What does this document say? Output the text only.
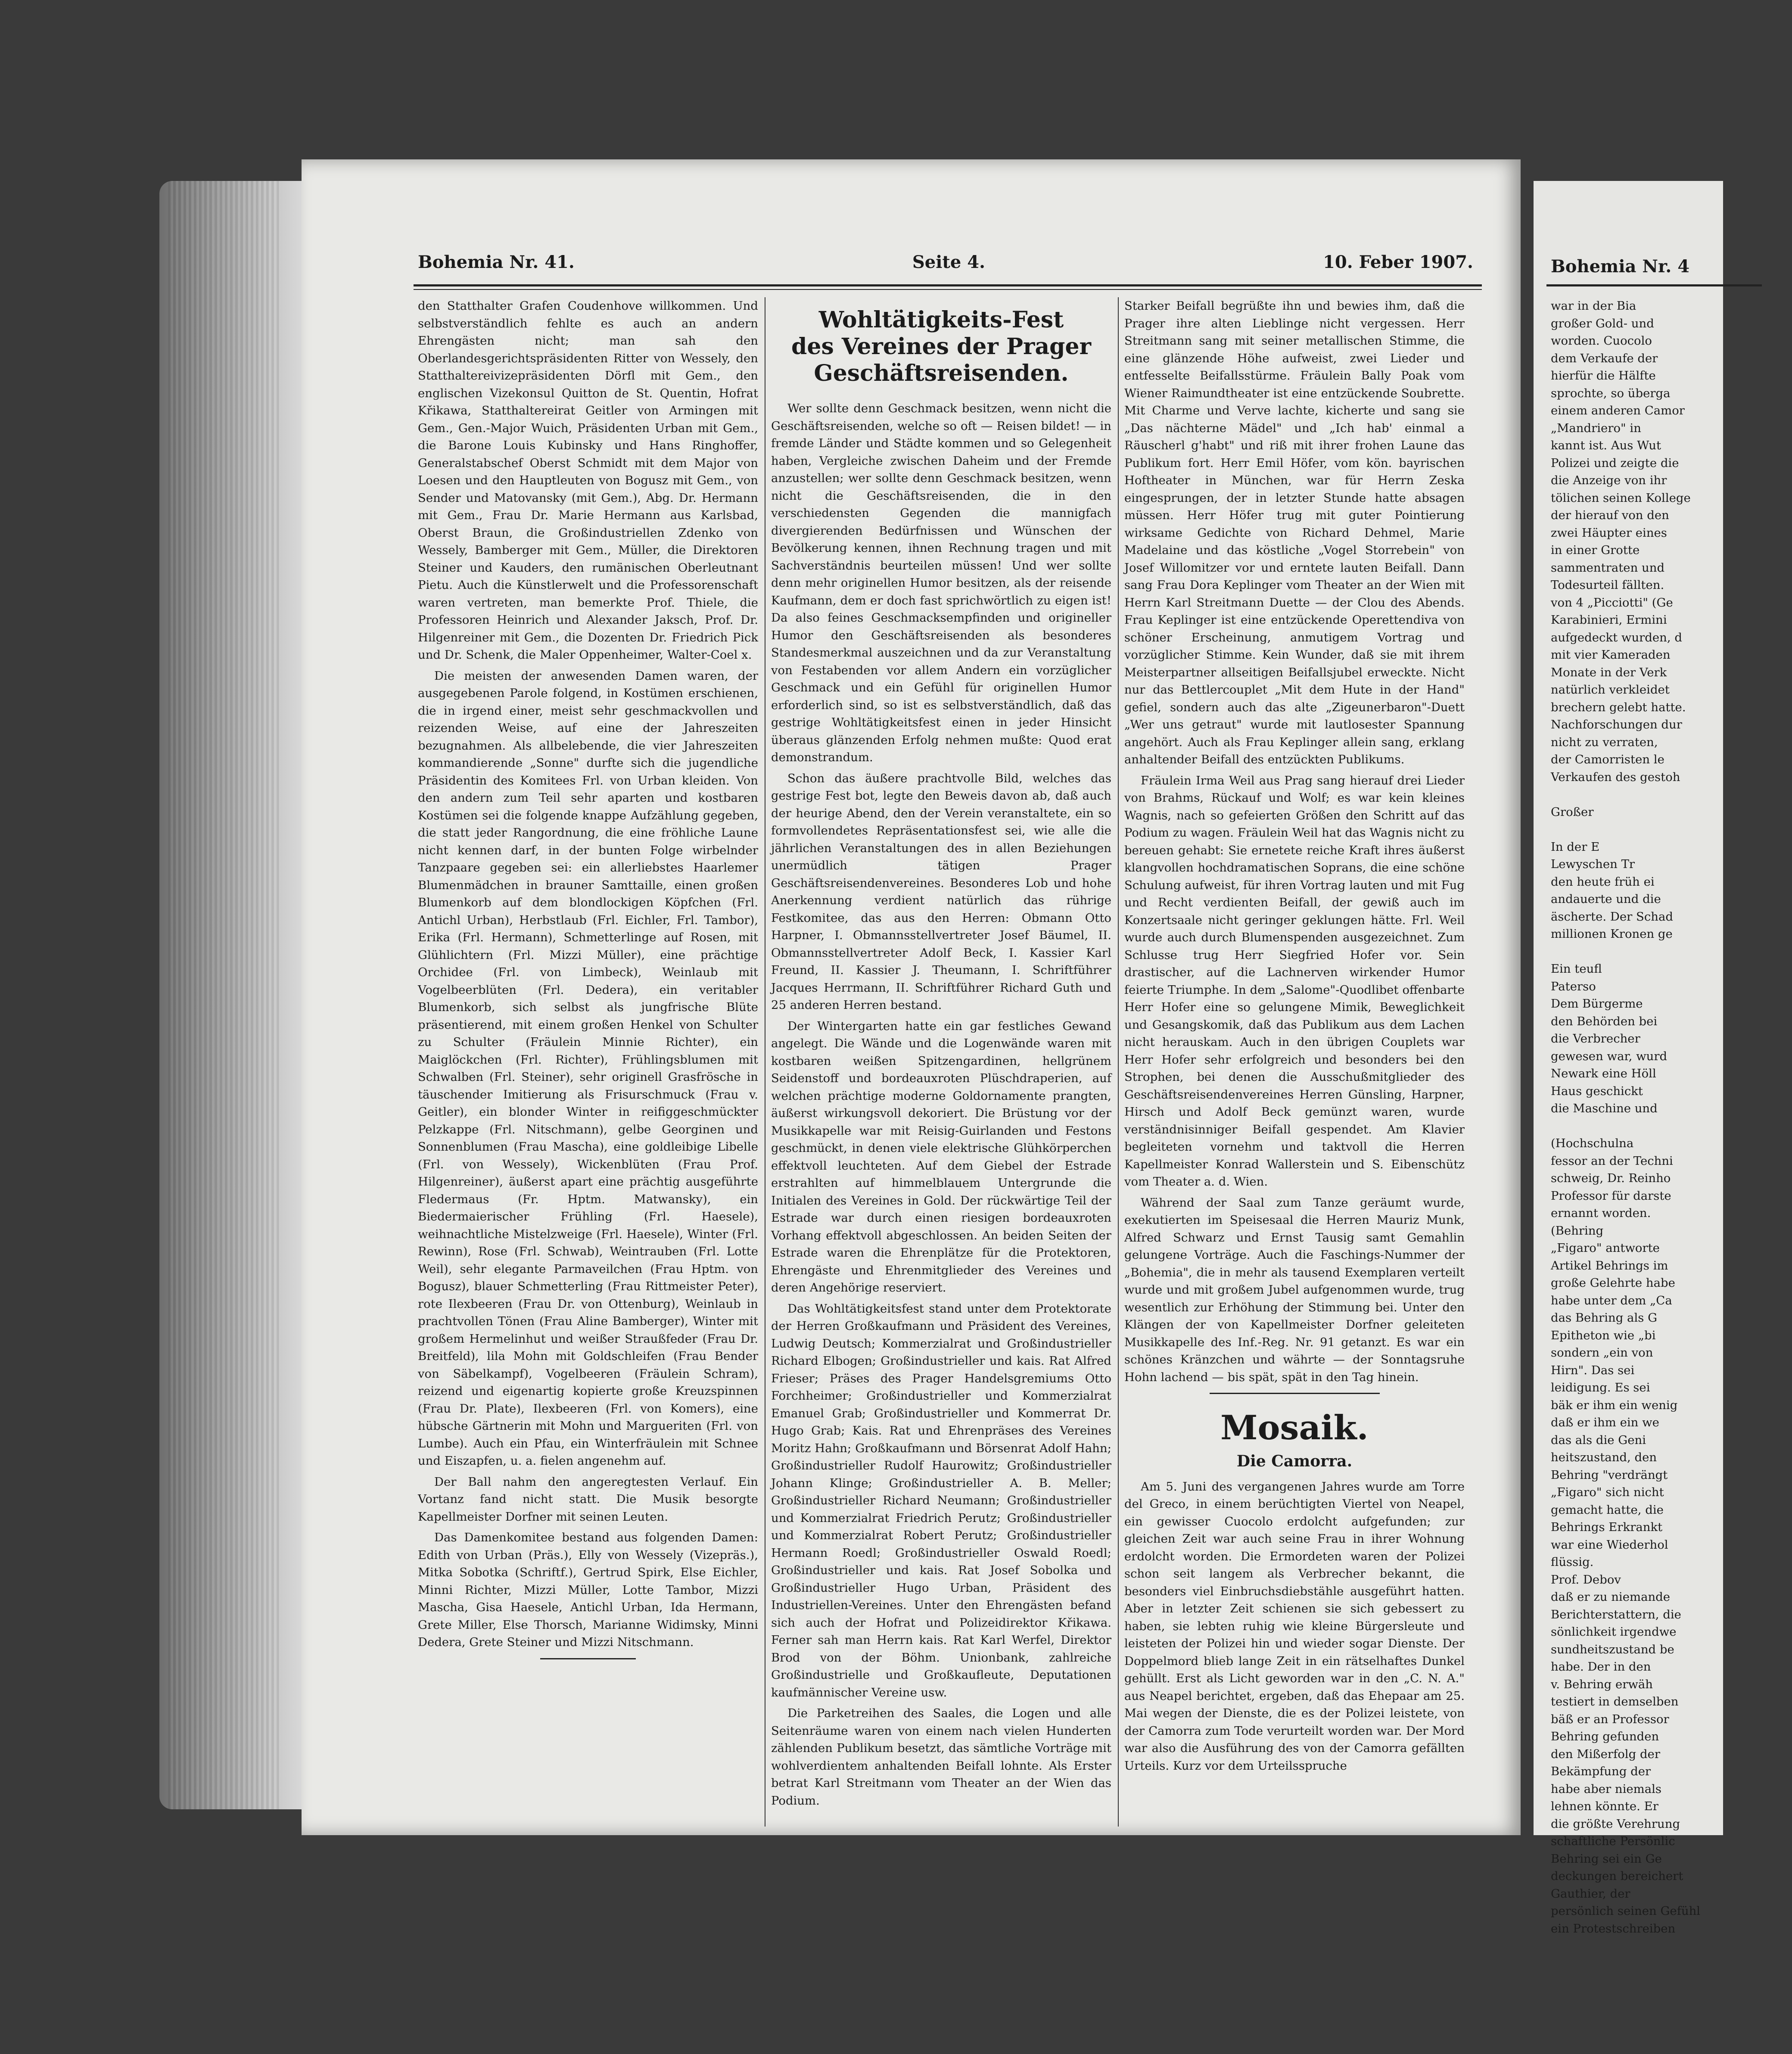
Bohemia Nr. 41.	Seite 4.	10. Feber 1907.

den Statthalter Grafen Coudenhove willkommen. Und selbstverständlich fehlte es auch an andern Ehrengästen nicht; man sah den Oberlandesgerichtspräsidenten Ritter von Wessely, den Statthaltereivizepräsidenten Dörfl mit Gem., den englischen Vizekonsul Quitton de St. Quentin, Hofrat Křikawa, Statthaltereirat Geitler von Armingen mit Gem., Gen.-Major Wuich, Präsidenten Urban mit Gem., die Barone Louis Kubinsky und Hans Ringhoffer, Generalstabschef Oberst Schmidt mit dem Major von Loesen und den Hauptleuten von Bogusz mit Gem., von Sender und Matovansky (mit Gem.), Abg. Dr. Hermann mit Gem., Frau Dr. Marie Hermann aus Karlsbad, Oberst Braun, die Großindustriellen Zdenko von Wessely, Bamberger mit Gem., Müller, die Direktoren Steiner und Kauders, den rumänischen Oberleutnant Pietu. Auch die Künstlerwelt und die Professorenschaft waren vertreten, man bemerkte Prof. Thiele, die Professoren Heinrich und Alexander Jaksch, Prof. Dr. Hilgenreiner mit Gem., die Dozenten Dr. Friedrich Pick und Dr. Schenk, die Maler Oppenheimer, Walter-Coel x.

Die meisten der anwesenden Damen waren, der ausgegebenen Parole folgend, in Kostümen erschienen, die in irgend einer, meist sehr geschmackvollen und reizenden Weise, auf eine der Jahreszeiten bezugnahmen. Als allbelebende, die vier Jahreszeiten kommandierende „Sonne" durfte sich die jugendliche Präsidentin des Komitees Frl. von Urban kleiden. Von den andern zum Teil sehr aparten und kostbaren Kostümen sei die folgende knappe Aufzählung gegeben, die statt jeder Rangordnung, die eine fröhliche Laune nicht kennen darf, in der bunten Folge wirbelnder Tanzpaare gegeben sei: ein allerliebstes Haarlemer Blumenmädchen in brauner Samttaille, einen großen Blumenkorb auf dem blondlockigen Köpfchen (Frl. Antichl Urban), Herbstlaub (Frl. Eichler, Frl. Tambor), Erika (Frl. Hermann), Schmetterlinge auf Rosen, mit Glühlichtern (Frl. Mizzi Müller), eine prächtige Orchidee (Frl. von Limbeck), Weinlaub mit Vogelbeerblüten (Frl. Dedera), ein veritabler Blumenkorb, sich selbst als jungfrische Blüte präsentierend, mit einem großen Henkel von Schulter zu Schulter (Fräulein Minnie Richter), ein Maiglöckchen (Frl. Richter), Frühlingsblumen mit Schwalben (Frl. Steiner), sehr originell Grasfrösche in täuschender Imitierung als Frisurschmuck (Frau v. Geitler), ein blonder Winter in reifiggeschmückter Pelzkappe (Frl. Nitschmann), gelbe Georginen und Sonnenblumen (Frau Mascha), eine goldleibige Libelle (Frl. von Wessely), Wickenblüten (Frau Prof. Hilgenreiner), äußerst apart eine prächtig ausgeführte Fledermaus (Fr. Hptm. Matwansky), ein Biedermaierischer Frühling (Frl. Haesele), weihnachtliche Mistelzweige (Frl. Haesele), Winter (Frl. Rewinn), Rose (Frl. Schwab), Weintrauben (Frl. Lotte Weil), sehr elegante Parmaveilchen (Frau Hptm. von Bogusz), blauer Schmetterling (Frau Rittmeister Peter), rote Ilexbeeren (Frau Dr. von Ottenburg), Weinlaub in prachtvollen Tönen (Frau Aline Bamberger), Winter mit großem Hermelinhut und weißer Straußfeder (Frau Dr. Breitfeld), lila Mohn mit Goldschleifen (Frau Bender von Säbelkampf), Vogelbeeren (Fräulein Schram), reizend und eigenartig kopierte große Kreuzspinnen (Frau Dr. Plate), Ilexbeeren (Frl. von Komers), eine hübsche Gärtnerin mit Mohn und Margueriten (Frl. von Lumbe). Auch ein Pfau, ein Winterfräulein mit Schnee und Eiszapfen, u. a. fielen angenehm auf.

Der Ball nahm den angeregtesten Verlauf. Ein Vortanz fand nicht statt. Die Musik besorgte Kapellmeister Dorfner mit seinen Leuten.

Das Damenkomitee bestand aus folgenden Damen: Edith von Urban (Präs.), Elly von Wessely (Vizepräs.), Mitka Sobotka (Schriftf.), Gertrud Spirk, Else Eichler, Minni Richter, Mizzi Müller, Lotte Tambor, Mizzi Mascha, Gisa Haesele, Antichl Urban, Ida Hermann, Grete Miller, Else Thorsch, Marianne Widimsky, Minni Dedera, Grete Steiner und Mizzi Nitschmann.

Wohltätigkeits-Fest
des Vereines der Prager
Geschäftsreisenden.

Wer sollte denn Geschmack besitzen, wenn nicht die Geschäftsreisenden, welche so oft — Reisen bildet! — in fremde Länder und Städte kommen und so Gelegenheit haben, Vergleiche zwischen Daheim und der Fremde anzustellen; wer sollte denn Geschmack besitzen, wenn nicht die Geschäftsreisenden, die in den verschiedensten Gegenden die mannigfach divergierenden Bedürfnissen und Wünschen der Bevölkerung kennen, ihnen Rechnung tragen und mit Sachverständnis beurteilen müssen! Und wer sollte denn mehr originellen Humor besitzen, als der reisende Kaufmann, dem er doch fast sprichwörtlich zu eigen ist! Da also feines Geschmacksempfinden und origineller Humor den Geschäftsreisenden als besonderes Standesmerkmal auszeichnen und da zur Veranstaltung von Festabenden vor allem Andern ein vorzüglicher Geschmack und ein Gefühl für originellen Humor erforderlich sind, so ist es selbstverständlich, daß das gestrige Wohltätigkeitsfest einen in jeder Hinsicht überaus glänzenden Erfolg nehmen mußte: Quod erat demonstrandum.

Schon das äußere prachtvolle Bild, welches das gestrige Fest bot, legte den Beweis davon ab, daß auch der heurige Abend, den der Verein veranstaltete, ein so formvollendetes Repräsentationsfest sei, wie alle die jährlichen Veranstaltungen des in allen Beziehungen unermüdlich tätigen Prager Geschäftsreisendenvereines. Besonderes Lob und hohe Anerkennung verdient natürlich das rührige Festkomitee, das aus den Herren: Obmann Otto Harpner, I. Obmannsstellvertreter Josef Bäumel, II. Obmannsstellvertreter Adolf Beck, I. Kassier Karl Freund, II. Kassier J. Theumann, I. Schriftführer Jacques Herrmann, II. Schriftführer Richard Guth und 25 anderen Herren bestand.

Der Wintergarten hatte ein gar festliches Gewand angelegt. Die Wände und die Logenwände waren mit kostbaren weißen Spitzengardinen, hellgrünem Seidenstoff und bordeauxroten Plüschdraperien, auf welchen prächtige moderne Goldornamente prangten, äußerst wirkungsvoll dekoriert. Die Brüstung vor der Musikkapelle war mit Reisig-Guirlanden und Festons geschmückt, in denen viele elektrische Glühkörperchen effektvoll leuchteten. Auf dem Giebel der Estrade erstrahlten auf himmelblauem Untergrunde die Initialen des Vereines in Gold. Der rückwärtige Teil der Estrade war durch einen riesigen bordeauxroten Vorhang effektvoll abgeschlossen. An beiden Seiten der Estrade waren die Ehrenplätze für die Protektoren, Ehrengäste und Ehrenmitglieder des Vereines und deren Angehörige reserviert.

Das Wohltätigkeitsfest stand unter dem Protektorate der Herren Großkaufmann und Präsident des Vereines, Ludwig Deutsch; Kommerzialrat und Großindustrieller Richard Elbogen; Großindustrieller und kais. Rat Alfred Frieser; Präses des Prager Handelsgremiums Otto Forchheimer; Großindustrieller und Kommerzialrat Emanuel Grab; Großindustrieller und Kommerrat Dr. Hugo Grab; Kais. Rat und Ehrenpräses des Vereines Moritz Hahn; Großkaufmann und Börsenrat Adolf Hahn; Großindustrieller Rudolf Haurowitz; Großindustrieller Johann Klinge; Großindustrieller A. B. Meller; Großindustrieller Richard Neumann; Großindustrieller und Kommerzialrat Friedrich Perutz; Großindustrieller und Kommerzialrat Robert Perutz; Großindustrieller Hermann Roedl; Großindustrieller Oswald Roedl; Großindustrieller und kais. Rat Josef Sobolka und Großindustrieller Hugo Urban, Präsident des Industriellen-Vereines. Unter den Ehrengästen befand sich auch der Hofrat und Polizeidirektor Křikawa. Ferner sah man Herrn kais. Rat Karl Werfel, Direktor Brod von der Böhm. Unionbank, zahlreiche Großindustrielle und Großkaufleute, Deputationen kaufmännischer Vereine usw.

Die Parketreihen des Saales, die Logen und alle Seitenräume waren von einem nach vielen Hunderten zählenden Publikum besetzt, das sämtliche Vorträge mit wohlverdientem anhaltenden Beifall lohnte. Als Erster betrat Karl Streitmann vom Theater an der Wien das Podium.

Starker Beifall begrüßte ihn und bewies ihm, daß die Prager ihre alten Lieblinge nicht vergessen. Herr Streitmann sang mit seiner metallischen Stimme, die eine glänzende Höhe aufweist, zwei Lieder und entfesselte Beifallsstürme. Fräulein Bally Poak vom Wiener Raimundtheater ist eine entzückende Soubrette. Mit Charme und Verve lachte, kicherte und sang sie „Das nächterne Mädel" und „Ich hab' einmal a Räuscherl g'habt" und riß mit ihrer frohen Laune das Publikum fort. Herr Emil Höfer, vom kön. bayrischen Hoftheater in München, war für Herrn Zeska eingesprungen, der in letzter Stunde hatte absagen müssen. Herr Höfer trug mit guter Pointierung wirksame Gedichte von Richard Dehmel, Marie Madelaine und das köstliche „Vogel Storrebein" von Josef Willomitzer vor und erntete lauten Beifall. Dann sang Frau Dora Keplinger vom Theater an der Wien mit Herrn Karl Streitmann Duette — der Clou des Abends. Frau Keplinger ist eine entzückende Operettendiva von schöner Erscheinung, anmutigem Vortrag und vorzüglicher Stimme. Kein Wunder, daß sie mit ihrem Meisterpartner allseitigen Beifallsjubel erweckte. Nicht nur das Bettlercouplet „Mit dem Hute in der Hand" gefiel, sondern auch das alte „Zigeunerbaron"-Duett „Wer uns getraut" wurde mit lautlosester Spannung angehört. Auch als Frau Keplinger allein sang, erklang anhaltender Beifall des entzückten Publikums.

Fräulein Irma Weil aus Prag sang hierauf drei Lieder von Brahms, Rückauf und Wolf; es war kein kleines Wagnis, nach so gefeierten Größen den Schritt auf das Podium zu wagen. Fräulein Weil hat das Wagnis nicht zu bereuen gehabt: Sie ernetete reiche Kraft ihres äußerst klangvollen hochdramatischen Soprans, die eine schöne Schulung aufweist, für ihren Vortrag lauten und mit Fug und Recht verdienten Beifall, der gewiß auch im Konzertsaale nicht geringer geklungen hätte. Frl. Weil wurde auch durch Blumenspenden ausgezeichnet. Zum Schlusse trug Herr Siegfried Hofer vor. Sein drastischer, auf die Lachnerven wirkender Humor feierte Triumphe. In dem „Salome"-Quodlibet offenbarte Herr Hofer eine so gelungene Mimik, Beweglichkeit und Gesangskomik, daß das Publikum aus dem Lachen nicht herauskam. Auch in den übrigen Couplets war Herr Hofer sehr erfolgreich und besonders bei den Strophen, bei denen die Ausschußmitglieder des Geschäftsreisendenvereines Herren Günsling, Harpner, Hirsch und Adolf Beck gemünzt waren, wurde verständnisinniger Beifall gespendet. Am Klavier begleiteten vornehm und taktvoll die Herren Kapellmeister Konrad Wallerstein und S. Eibenschütz vom Theater a. d. Wien.

Während der Saal zum Tanze geräumt wurde, exekutierten im Speisesaal die Herren Mauriz Munk, Alfred Schwarz und Ernst Tausig samt Gemahlin gelungene Vorträge. Auch die Faschings-Nummer der „Bohemia", die in mehr als tausend Exemplaren verteilt wurde und mit großem Jubel aufgenommen wurde, trug wesentlich zur Erhöhung der Stimmung bei. Unter den Klängen der von Kapellmeister Dorfner geleiteten Musikkapelle des Inf.-Reg. Nr. 91 getanzt. Es war ein schönes Kränzchen und währte — der Sonntagsruhe Hohn lachend — bis spät, spät in den Tag hinein.

Mosaik.
Die Camorra.

Am 5. Juni des vergangenen Jahres wurde am Torre del Greco, in einem berüchtigten Viertel von Neapel, ein gewisser Cuocolo erdolcht aufgefunden; zur gleichen Zeit war auch seine Frau in ihrer Wohnung erdolcht worden. Die Ermordeten waren der Polizei schon seit langem als Verbrecher bekannt, die besonders viel Einbruchsdiebstähle ausgeführt hatten. Aber in letzter Zeit schienen sie sich gebessert zu haben, sie lebten ruhig wie kleine Bürgersleute und leisteten der Polizei hin und wieder sogar Dienste. Der Doppelmord blieb lange Zeit in ein rätselhaftes Dunkel gehüllt. Erst als Licht geworden war in den „C. N. A." aus Neapel berichtet, ergeben, daß das Ehepaar am 25. Mai wegen der Dienste, die es der Polizei leistete, von der Camorra zum Tode verurteilt worden war. Der Mord war also die Ausführung des von der Camorra gefällten Urteils. Kurz vor dem Urteilsspruche

Bohemia Nr. 4
war in der Bia
großer Gold- und
worden. Cuocolo
dem Verkaufe der
hierfür die Hälfte
sprochte, so überga
einem anderen Camor
„Mandriero" in
kannt ist. Aus Wut
Polizei und zeigte die
die Anzeige von ihr
tölichen seinen Kollege
der hierauf von den
zwei Häupter eines
in einer Grotte
sammentraten und
Todesurteil fällten.
von 4 „Picciotti" (Ge
Karabinieri, Ermini
aufgedeckt wurden, d
mit vier Kameraden
Monate in der Verk
natürlich verkleidet
brechern gelebt hatte.
Nachforschungen dur
nicht zu verraten,
der Camorristen le
Verkaufen des gestoh

Großer

In der E
Lewyschen Tr
den heute früh ei
andauerte und die
äscherte. Der Schad
millionen Kronen ge

Ein teufl
Paterso
Dem Bürgerme
den Behörden bei
die Verbrecher
gewesen war, wurd
Newark eine Höll
Haus geschickt
die Maschine und

(Hochschulna
fessor an der Techni
schweig, Dr. Reinho
Professor für darste
ernannt worden.
(Behring
„Figaro" antworte
Artikel Behrings im
große Gelehrte habe
habe unter dem „Ca
das Behring als G
Epitheton wie „bi
sondern „ein von
Hirn". Das sei
leidigung. Es sei
bäk er ihm ein wenig
daß er ihm ein we
das als die Geni
heitszustand, den
Behring "verdrängt
„Figaro" sich nicht
gemacht hatte, die
Behrings Erkrankt
war eine Wiederhol
flüssig.
Prof. Debov
daß er zu niemande
Berichterstattern, die
sönlichkeit irgendwe
sundheitszustand be
habe. Der in den
v. Behring erwäh
testiert in demselben
bäß er an Professor
Behring gefunden
den Mißerfolg der
Bekämpfung der
habe aber niemals
lehnen könnte. Er
die größte Verehrung
schaftliche Persönlic
Behring sei ein Ge
deckungen bereichert
Gauthier, der
persönlich seinen Gefühl
ein Protestschreiben
